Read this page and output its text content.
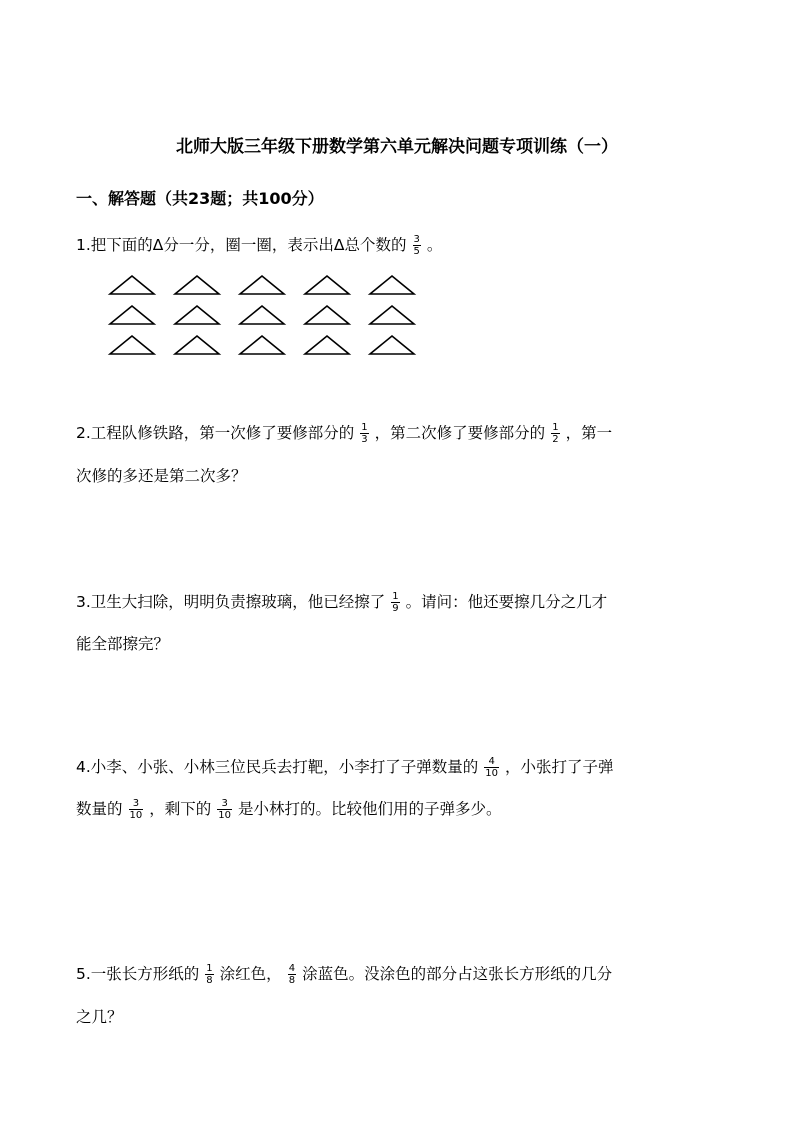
北师大版三年级下册数学第六单元解决问题专项训练（一）
一、解答题（共23题；共100分）
1.把下面的Δ分一分，圈一圈，表示出Δ总个数的 $\frac{3}{5}$ 。
2.工程队修铁路，第一次修了要修部分的 $\frac{1}{3}$ ，第二次修了要修部分的 $\frac{1}{2}$ ，第一
次修的多还是第二次多？
3.卫生大扫除，明明负责擦玻璃，他已经擦了 $\frac{1}{9}$ 。请问：他还要擦几分之几才
能全部擦完？
4.小李、小张、小林三位民兵去打靶，小李打了子弹数量的 $\frac{4}{10}$ ，小张打了子弹
数量的 $\frac{3}{10}$ ，剩下的 $\frac{3}{10}$ 是小林打的。比较他们用的子弹多少。
5.一张长方形纸的 $\frac{1}{8}$ 涂红色， $\frac{4}{8}$ 涂蓝色。没涂色的部分占这张长方形纸的几分
之几？
